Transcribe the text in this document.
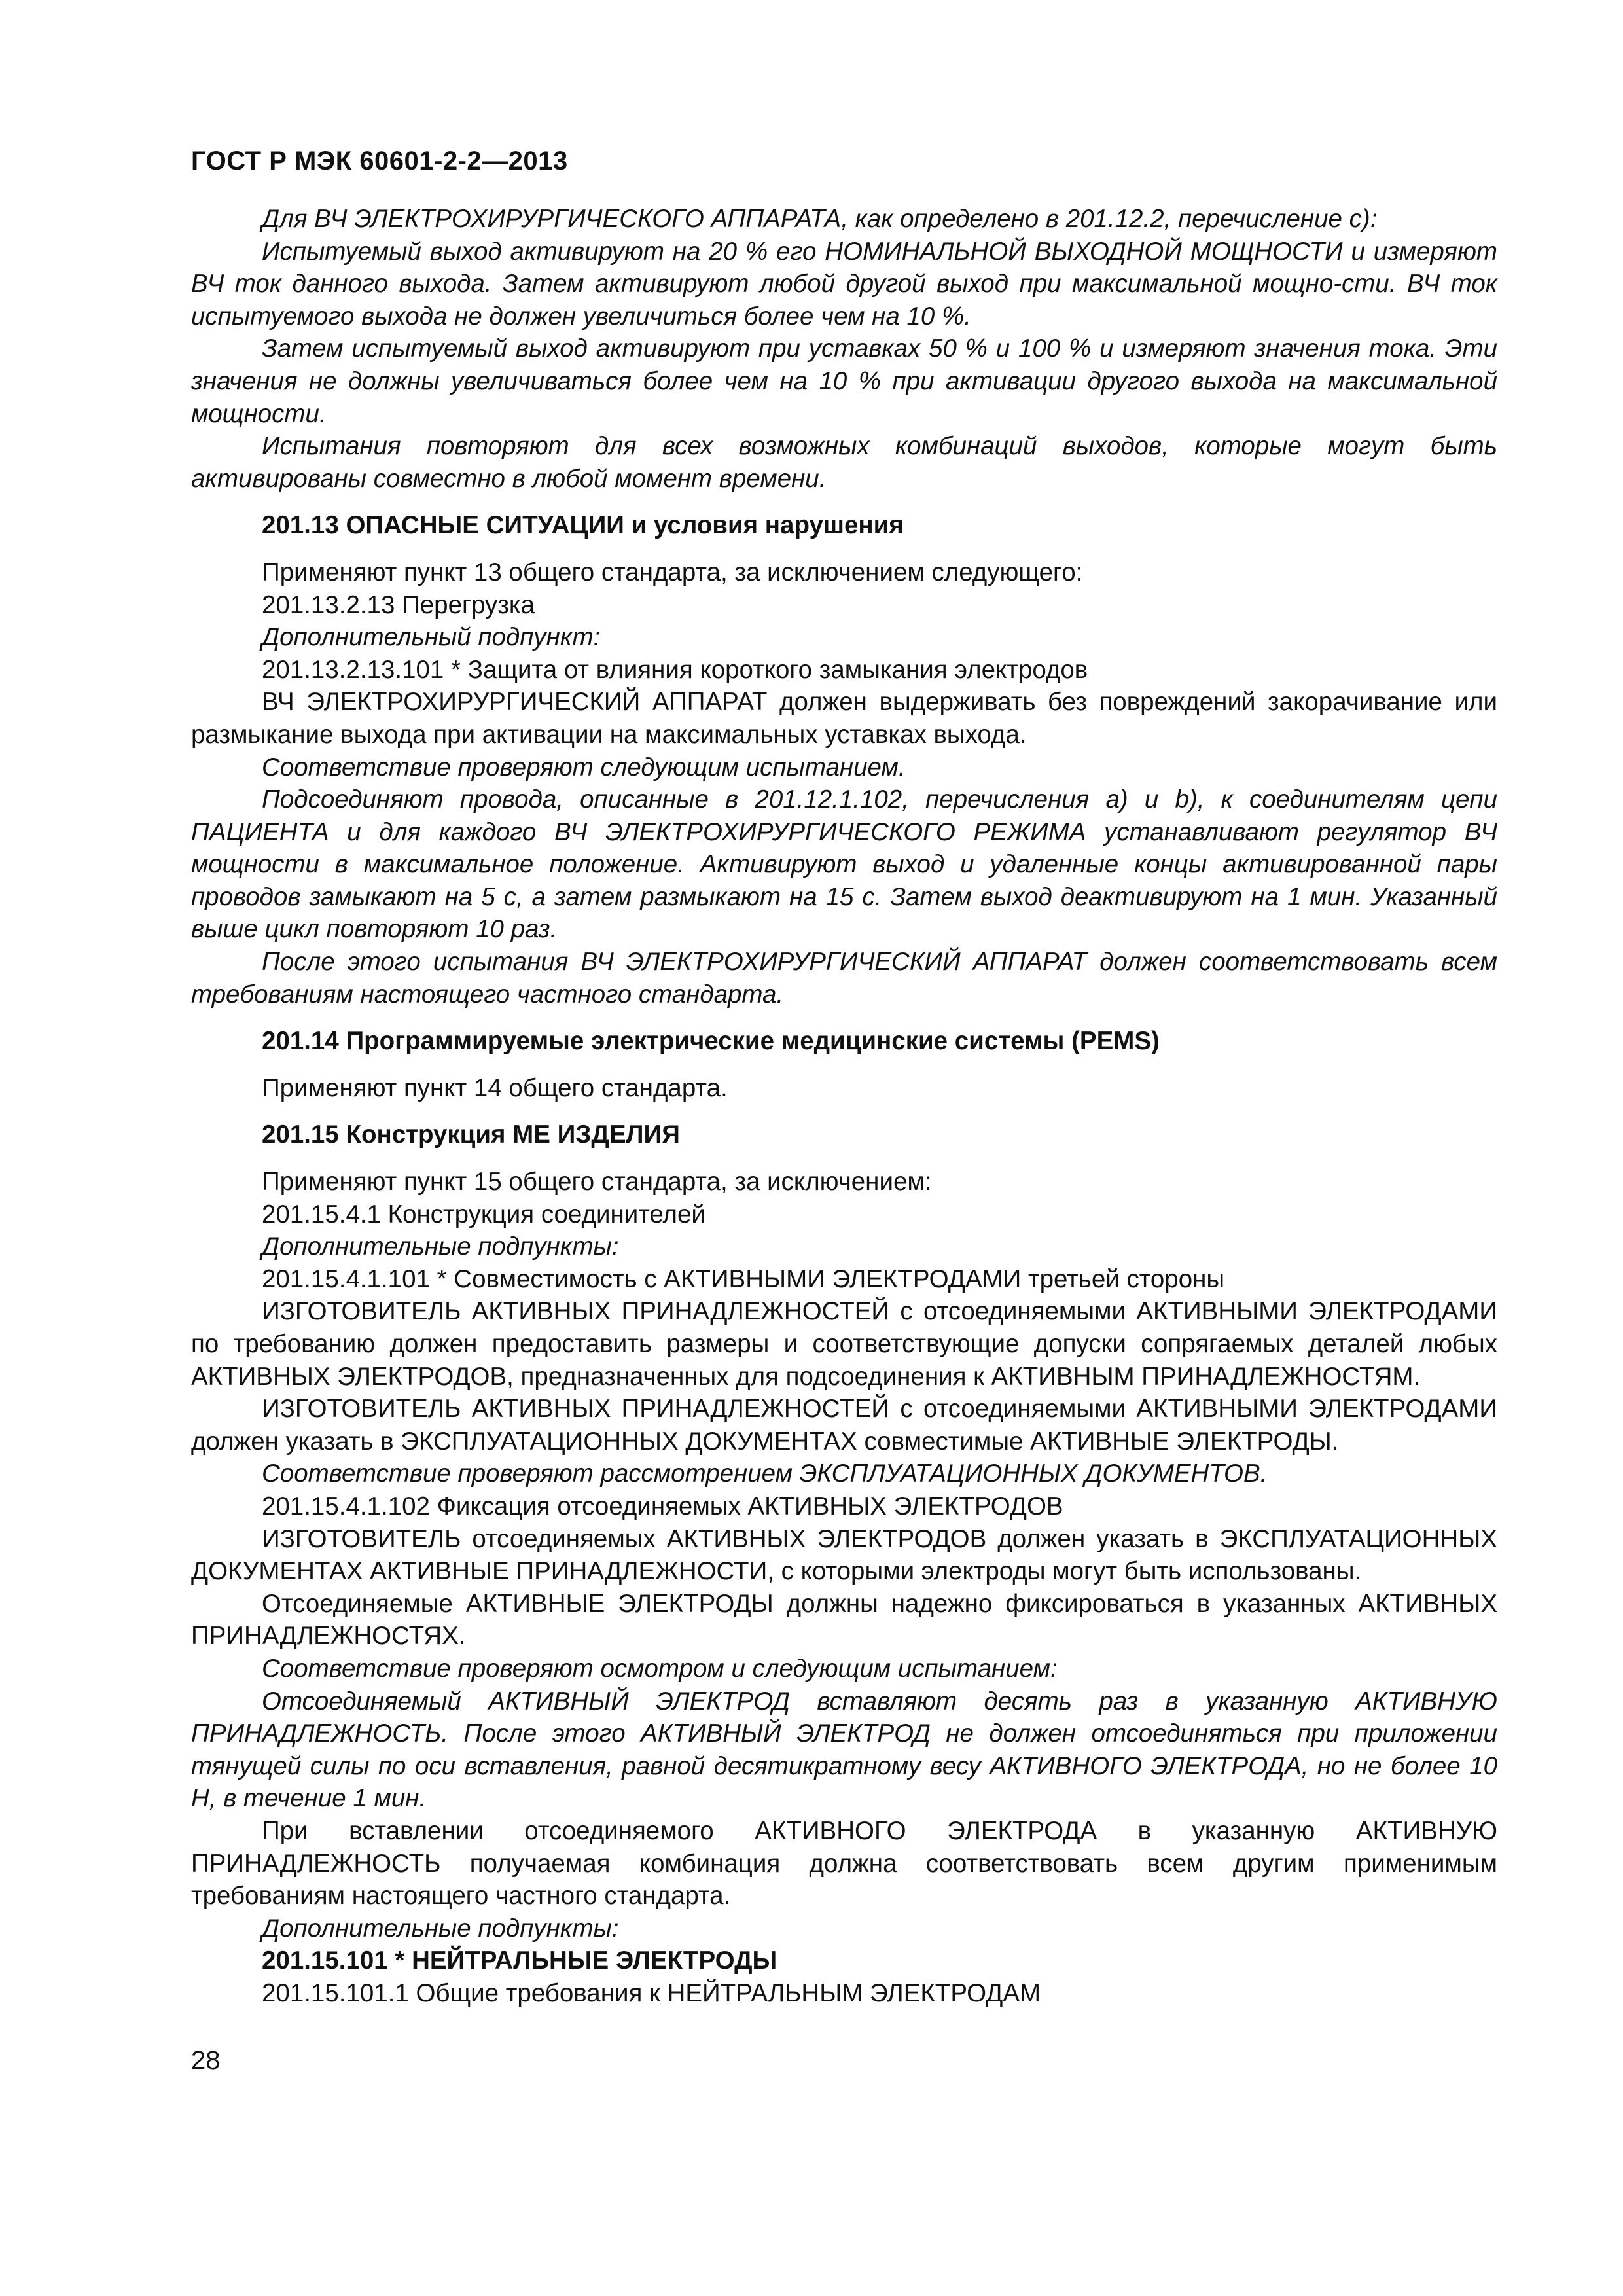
ГОСТ Р МЭК 60601-2-2—2013

Для ВЧ ЭЛЕКТРОХИРУРГИЧЕСКОГО АППАРАТА, как определено в 201.12.2, перечисление с):

Испытуемый выход активируют на 20 % его НОМИНАЛЬНОЙ ВЫХОДНОЙ МОЩНОСТИ и измеряют ВЧ ток данного выхода. Затем активируют любой другой выход при максимальной мощно-сти. ВЧ ток испытуемого выхода не должен увеличиться более чем на 10 %.

Затем испытуемый выход активируют при уставках 50 % и 100 % и измеряют значения тока. Эти значения не должны увеличиваться более чем на 10 % при активации другого выхода на максимальной мощности.

Испытания повторяют для всех возможных комбинаций выходов, которые могут быть активированы совместно в любой момент времени.

201.13 ОПАСНЫЕ СИТУАЦИИ и условия нарушения

Применяют пункт 13 общего стандарта, за исключением следующего:

201.13.2.13 Перегрузка

Дополнительный подпункт:

201.13.2.13.101 * Защита от влияния короткого замыкания электродов

ВЧ ЭЛЕКТРОХИРУРГИЧЕСКИЙ АППАРАТ должен выдерживать без повреждений закорачивание или размыкание выхода при активации на максимальных уставках выхода.

Соответствие проверяют следующим испытанием.

Подсоединяют провода, описанные в 201.12.1.102, перечисления a) и b), к соединителям цепи ПАЦИЕНТА и для каждого ВЧ ЭЛЕКТРОХИРУРГИЧЕСКОГО РЕЖИМА устанавливают регулятор ВЧ мощности в максимальное положение. Активируют выход и удаленные концы активированной пары проводов замыкают на 5 с, а затем размыкают на 15 с. Затем выход деактивируют на 1 мин. Указанный выше цикл повторяют 10 раз.

После этого испытания ВЧ ЭЛЕКТРОХИРУРГИЧЕСКИЙ АППАРАТ должен соответствовать всем требованиям настоящего частного стандарта.

201.14 Программируемые электрические медицинские системы (PEMS)

Применяют пункт 14 общего стандарта.

201.15 Конструкция МЕ ИЗДЕЛИЯ

Применяют пункт 15 общего стандарта, за исключением:

201.15.4.1 Конструкция соединителей

Дополнительные подпункты:

201.15.4.1.101 * Совместимость с АКТИВНЫМИ ЭЛЕКТРОДАМИ третьей стороны

ИЗГОТОВИТЕЛЬ АКТИВНЫХ ПРИНАДЛЕЖНОСТЕЙ с отсоединяемыми АКТИВНЫМИ ЭЛЕКТРОДАМИ по требованию должен предоставить размеры и соответствующие допуски сопрягаемых деталей любых АКТИВНЫХ ЭЛЕКТРОДОВ, предназначенных для подсоединения к АКТИВНЫМ ПРИНАДЛЕЖНОСТЯМ.

ИЗГОТОВИТЕЛЬ АКТИВНЫХ ПРИНАДЛЕЖНОСТЕЙ с отсоединяемыми АКТИВНЫМИ ЭЛЕКТРОДАМИ должен указать в ЭКСПЛУАТАЦИОННЫХ ДОКУМЕНТАХ совместимые АКТИВНЫЕ ЭЛЕКТРОДЫ.

Соответствие проверяют рассмотрением ЭКСПЛУАТАЦИОННЫХ ДОКУМЕНТОВ.

201.15.4.1.102 Фиксация отсоединяемых АКТИВНЫХ ЭЛЕКТРОДОВ

ИЗГОТОВИТЕЛЬ отсоединяемых АКТИВНЫХ ЭЛЕКТРОДОВ должен указать в ЭКСПЛУАТАЦИОННЫХ ДОКУМЕНТАХ АКТИВНЫЕ ПРИНАДЛЕЖНОСТИ, с которыми электроды могут быть использованы.

Отсоединяемые АКТИВНЫЕ ЭЛЕКТРОДЫ должны надежно фиксироваться в указанных АКТИВНЫХ ПРИНАДЛЕЖНОСТЯХ.

Соответствие проверяют осмотром и следующим испытанием:

Отсоединяемый АКТИВНЫЙ ЭЛЕКТРОД вставляют десять раз в указанную АКТИВНУЮ ПРИНАДЛЕЖНОСТЬ. После этого АКТИВНЫЙ ЭЛЕКТРОД не должен отсоединяться при приложении тянущей силы по оси вставления, равной десятикратному весу АКТИВНОГО ЭЛЕКТРОДА, но не более 10 Н, в течение 1 мин.

При вставлении отсоединяемого АКТИВНОГО ЭЛЕКТРОДА в указанную АКТИВНУЮ ПРИНАДЛЕЖНОСТЬ получаемая комбинация должна соответствовать всем другим применимым требованиям настоящего частного стандарта.

Дополнительные подпункты:

201.15.101 * НЕЙТРАЛЬНЫЕ ЭЛЕКТРОДЫ

201.15.101.1 Общие требования к НЕЙТРАЛЬНЫМ ЭЛЕКТРОДАМ

28
